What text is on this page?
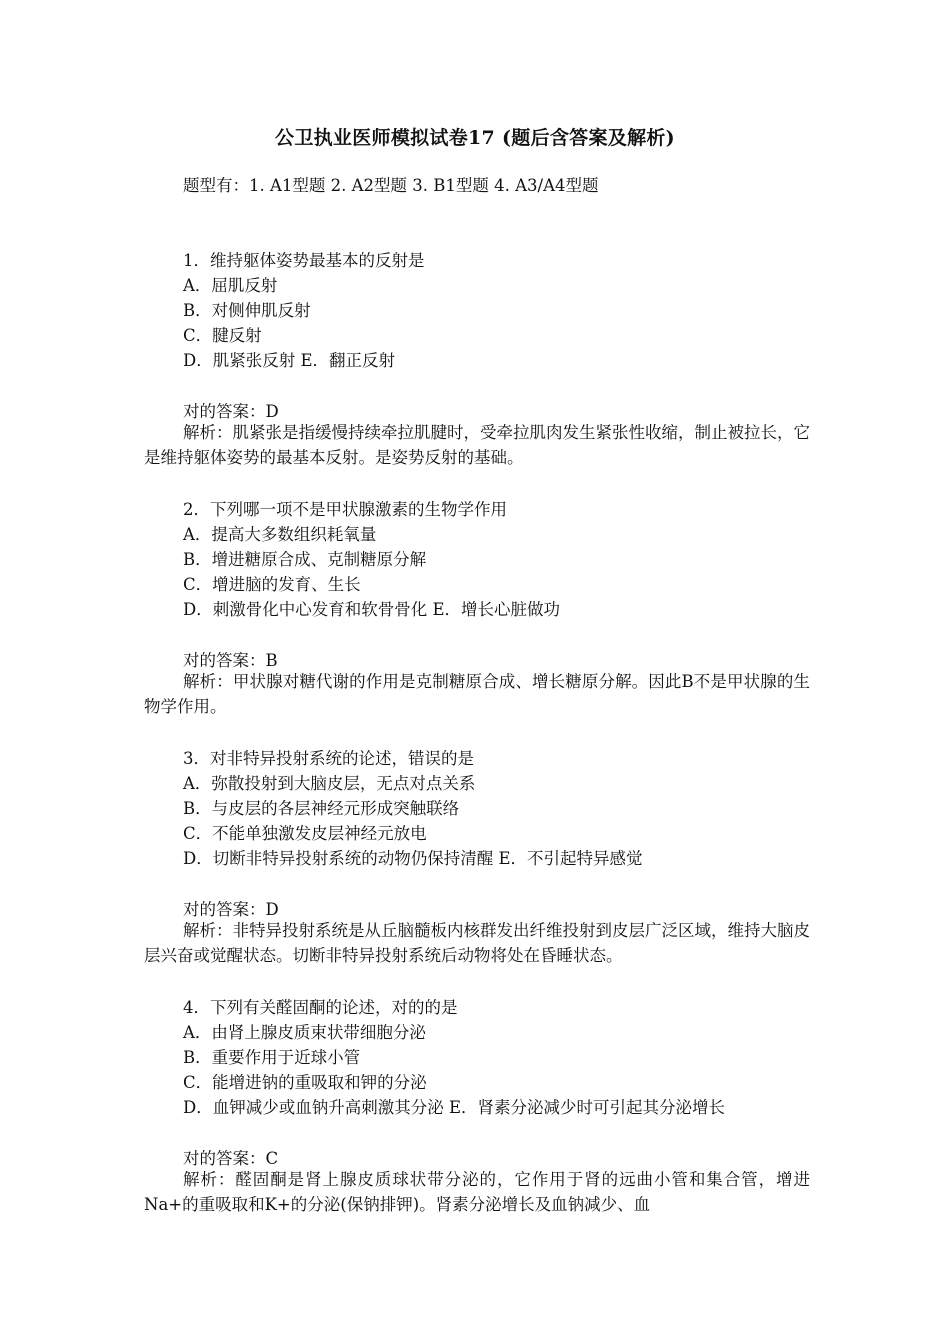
公卫执业医师模拟试卷17 (题后含答案及解析)
题型有：1. A1型题 2. A2型题 3. B1型题 4. A3/A4型题
1．维持躯体姿势最基本的反射是
A．屈肌反射
B．对侧伸肌反射
C．腱反射
D．肌紧张反射 E．翻正反射
对的答案：D
解析：肌紧张是指缓慢持续牵拉肌腱时，受牵拉肌肉发生紧张性收缩，制止被拉长，它是维持躯体姿势的最基本反射。是姿势反射的基础。
2．下列哪一项不是甲状腺激素的生物学作用
A．提高大多数组织耗氧量
B．增进糖原合成、克制糖原分解
C．增进脑的发育、生长
D．刺激骨化中心发育和软骨骨化 E．增长心脏做功
对的答案：B
解析：甲状腺对糖代谢的作用是克制糖原合成、增长糖原分解。因此B不是甲状腺的生物学作用。
3．对非特异投射系统的论述，错误的是
A．弥散投射到大脑皮层，无点对点关系
B．与皮层的各层神经元形成突触联络
C．不能单独激发皮层神经元放电
D．切断非特异投射系统的动物仍保持清醒 E．不引起特异感觉
对的答案：D
解析：非特异投射系统是从丘脑髓板内核群发出纤维投射到皮层广泛区域，维持大脑皮层兴奋或觉醒状态。切断非特异投射系统后动物将处在昏睡状态。
4．下列有关醛固酮的论述，对的的是
A．由肾上腺皮质束状带细胞分泌
B．重要作用于近球小管
C．能增进钠的重吸取和钾的分泌
D．血钾减少或血钠升高刺激其分泌 E．肾素分泌减少时可引起其分泌增长
对的答案：C
解析：醛固酮是肾上腺皮质球状带分泌的，它作用于肾的远曲小管和集合管，增进Na+的重吸取和K+的分泌(保钠排钾)。肾素分泌增长及血钠减少、血
